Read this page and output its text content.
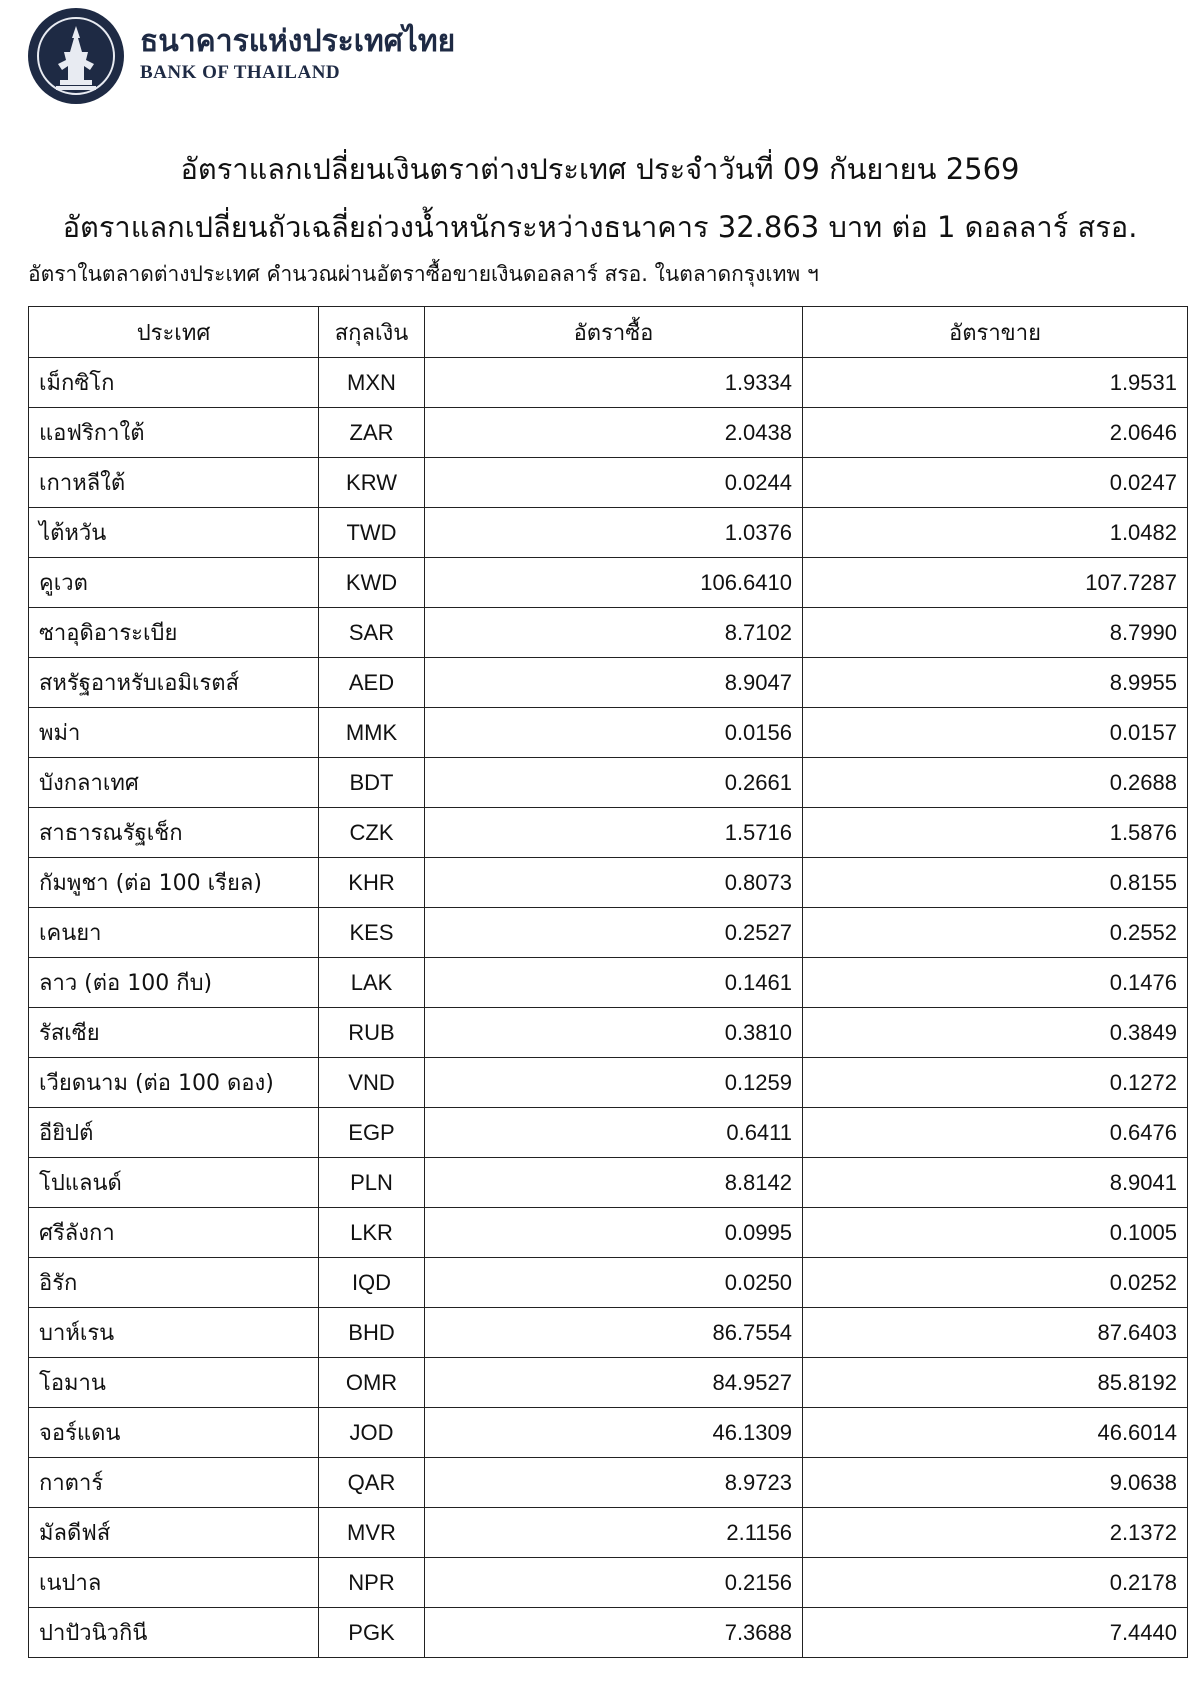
ธนาคารแห่งประเทศไทย
BANK OF THAILAND
อัตราแลกเปลี่ยนเงินตราต่างประเทศ ประจำวันที่ 09 กันยายน 2569
อัตราแลกเปลี่ยนถัวเฉลี่ยถ่วงน้ำหนักระหว่างธนาคาร 32.863 บาท ต่อ 1 ดอลลาร์ สรอ.
อัตราในตลาดต่างประเทศ คำนวณผ่านอัตราซื้อขายเงินดอลลาร์ สรอ. ในตลาดกรุงเทพ ฯ
ประเทศ	สกุลเงิน	อัตราซื้อ	อัตราขาย
เม็กซิโก	MXN	1.9334	1.9531
แอฟริกาใต้	ZAR	2.0438	2.0646
เกาหลีใต้	KRW	0.0244	0.0247
ไต้หวัน	TWD	1.0376	1.0482
คูเวต	KWD	106.6410	107.7287
ซาอุดิอาระเบีย	SAR	8.7102	8.7990
สหรัฐอาหรับเอมิเรตส์	AED	8.9047	8.9955
พม่า	MMK	0.0156	0.0157
บังกลาเทศ	BDT	0.2661	0.2688
สาธารณรัฐเช็ก	CZK	1.5716	1.5876
กัมพูชา (ต่อ 100 เรียล)	KHR	0.8073	0.8155
เคนยา	KES	0.2527	0.2552
ลาว (ต่อ 100 กีบ)	LAK	0.1461	0.1476
รัสเซีย	RUB	0.3810	0.3849
เวียดนาม (ต่อ 100 ดอง)	VND	0.1259	0.1272
อียิปต์	EGP	0.6411	0.6476
โปแลนด์	PLN	8.8142	8.9041
ศรีลังกา	LKR	0.0995	0.1005
อิรัก	IQD	0.0250	0.0252
บาห์เรน	BHD	86.7554	87.6403
โอมาน	OMR	84.9527	85.8192
จอร์แดน	JOD	46.1309	46.6014
กาตาร์	QAR	8.9723	9.0638
มัลดีฟส์	MVR	2.1156	2.1372
เนปาล	NPR	0.2156	0.2178
ปาปัวนิวกินี	PGK	7.3688	7.4440
